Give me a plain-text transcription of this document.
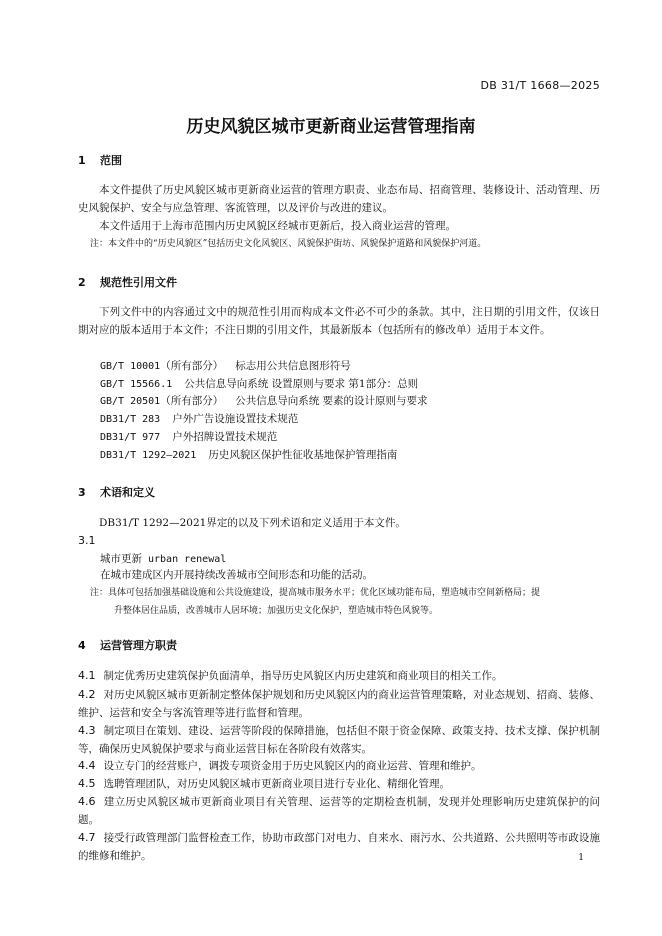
DB 31/T 1668—2025
历史风貌区城市更新商业运营管理指南
1 范围
本文件提供了历史风貌区城市更新商业运营的管理方职责、业态布局、招商管理、装修设计、活动管理、历史风貌保护、安全与应急管理、客流管理，以及评价与改进的建议。
本文件适用于上海市范围内历史风貌区经城市更新后，投入商业运营的管理。
注：本文件中的“历史风貌区”包括历史文化风貌区、风貌保护街坊、风貌保护道路和风貌保护河道。
2 规范性引用文件
下列文件中的内容通过文中的规范性引用而构成本文件必不可少的条款。其中，注日期的引用文件，仅该日期对应的版本适用于本文件；不注日期的引用文件，其最新版本（包括所有的修改单）适用于本文件。
GB/T 10001（所有部分） 标志用公共信息图形符号
GB/T 15566.1 公共信息导向系统 设置原则与要求 第1部分：总则
GB/T 20501（所有部分） 公共信息导向系统 要素的设计原则与要求
DB31/T 283 户外广告设施设置技术规范
DB31/T 977 户外招牌设置技术规范
DB31/T 1292—2021 历史风貌区保护性征收基地保护管理指南
3 术语和定义
DB31/T 1292—2021界定的以及下列术语和定义适用于本文件。
3.1
城市更新 urban renewal
在城市建成区内开展持续改善城市空间形态和功能的活动。
注：具体可包括加强基础设施和公共设施建设，提高城市服务水平；优化区域功能布局，塑造城市空间新格局；提
升整体居住品质，改善城市人居环境；加强历史文化保护，塑造城市特色风貌等。
4 运营管理方职责
4.1 制定优秀历史建筑保护负面清单，指导历史风貌区内历史建筑和商业项目的相关工作。
4.2 对历史风貌区城市更新制定整体保护规划和历史风貌区内的商业运营管理策略，对业态规划、招商、装修、维护、运营和安全与客流管理等进行监督和管理。
4.3 制定项目在策划、建设、运营等阶段的保障措施，包括但不限于资金保障、政策支持、技术支撑、保护机制等，确保历史风貌保护要求与商业运营目标在各阶段有效落实。
4.4 设立专门的经营账户，调拨专项资金用于历史风貌区内的商业运营、管理和维护。
4.5 选聘管理团队，对历史风貌区城市更新商业项目进行专业化、精细化管理。
4.6 建立历史风貌区城市更新商业项目有关管理、运营等的定期检查机制，发现并处理影响历史建筑保护的问题。
4.7 接受行政管理部门监督检查工作，协助市政部门对电力、自来水、雨污水、公共道路、公共照明等市政设施的维修和维护。	1
